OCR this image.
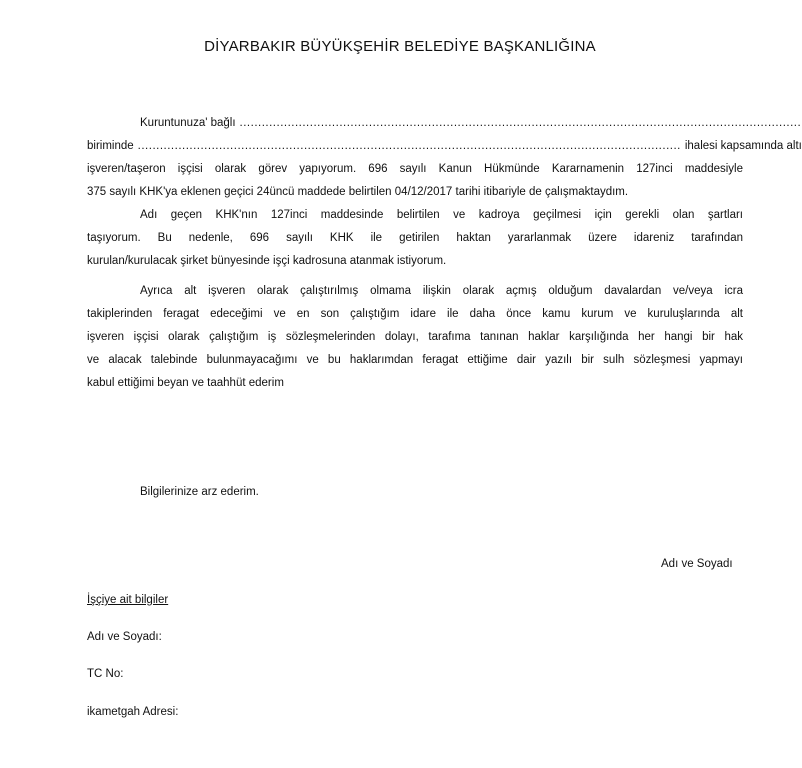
DİYARBAKIR BÜYÜKŞEHİR BELEDİYE BAŞKANLIĞINA
Kuruntunuza' bağlı ........................................................................................................................................................
biriminde ................................................................................................................................................... ihalesi kapsamında altı
işveren/taşeron işçisi olarak görev yapıyorum. 696 sayılı Kanun Hükmünde Kararnamenin 127inci maddesiyle
375 sayılı KHK'ya eklenen geçici 24üncü maddede belirtilen 04/12/2017 tarihi itibariyle de çalışmaktaydım.
Adı geçen KHK'nın 127inci maddesinde belirtilen ve kadroya geçilmesi için gerekli olan şartları
taşıyorum. Bu nedenle, 696 sayılı KHK ile getirilen haktan yararlanmak üzere idareniz tarafından
kurulan/kurulacak şirket bünyesinde işçi kadrosuna atanmak istiyorum.
Ayrıca alt işveren olarak çalıştırılmış olmama ilişkin olarak açmış olduğum davalardan ve/veya icra
takiplerinden feragat edeceğimi ve en son çalıştığım idare ile daha önce kamu kurum ve kuruluşlarında alt
işveren işçisi olarak çalıştığım iş sözleşmelerinden dolayı, tarafıma tanınan haklar karşılığında her hangi bir hak
ve alacak talebinde bulunmayacağımı ve bu haklarımdan feragat ettiğime dair yazılı bir sulh sözleşmesi yapmayı
kabul ettiğimi beyan ve taahhüt ederim
Bilgilerinize arz ederim.
Adı ve Soyadı
İşçiye ait bilgiler
Adı ve Soyadı:
TC No:
ikametgah Adresi:
